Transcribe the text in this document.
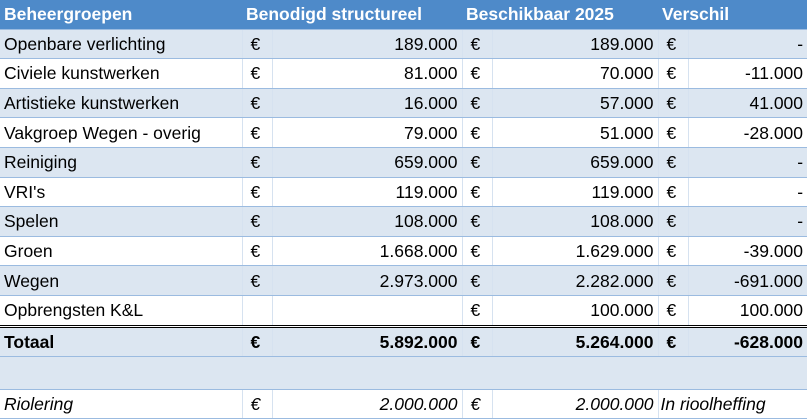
Beheergroepen	Benodigd structureel		Beschikbaar 2025		Verschil	
Openbare verlichting	€	189.000	€	189.000	€	-
Civiele kunstwerken	€	81.000	€	70.000	€	-11.000
Artistieke kunstwerken	€	16.000	€	57.000	€	41.000
Vakgroep Wegen - overig	€	79.000	€	51.000	€	-28.000
Reiniging	€	659.000	€	659.000	€	-
VRI's	€	119.000	€	119.000	€	-
Spelen	€	108.000	€	108.000	€	-
Groen	€	1.668.000	€	1.629.000	€	-39.000
Wegen	€	2.973.000	€	2.282.000	€	-691.000
Opbrengsten K&L			€	100.000	€	100.000
Totaal	€	5.892.000	€	5.264.000	€	-628.000

Riolering	€	2.000.000	€	2.000.000	In rioolheffing	
